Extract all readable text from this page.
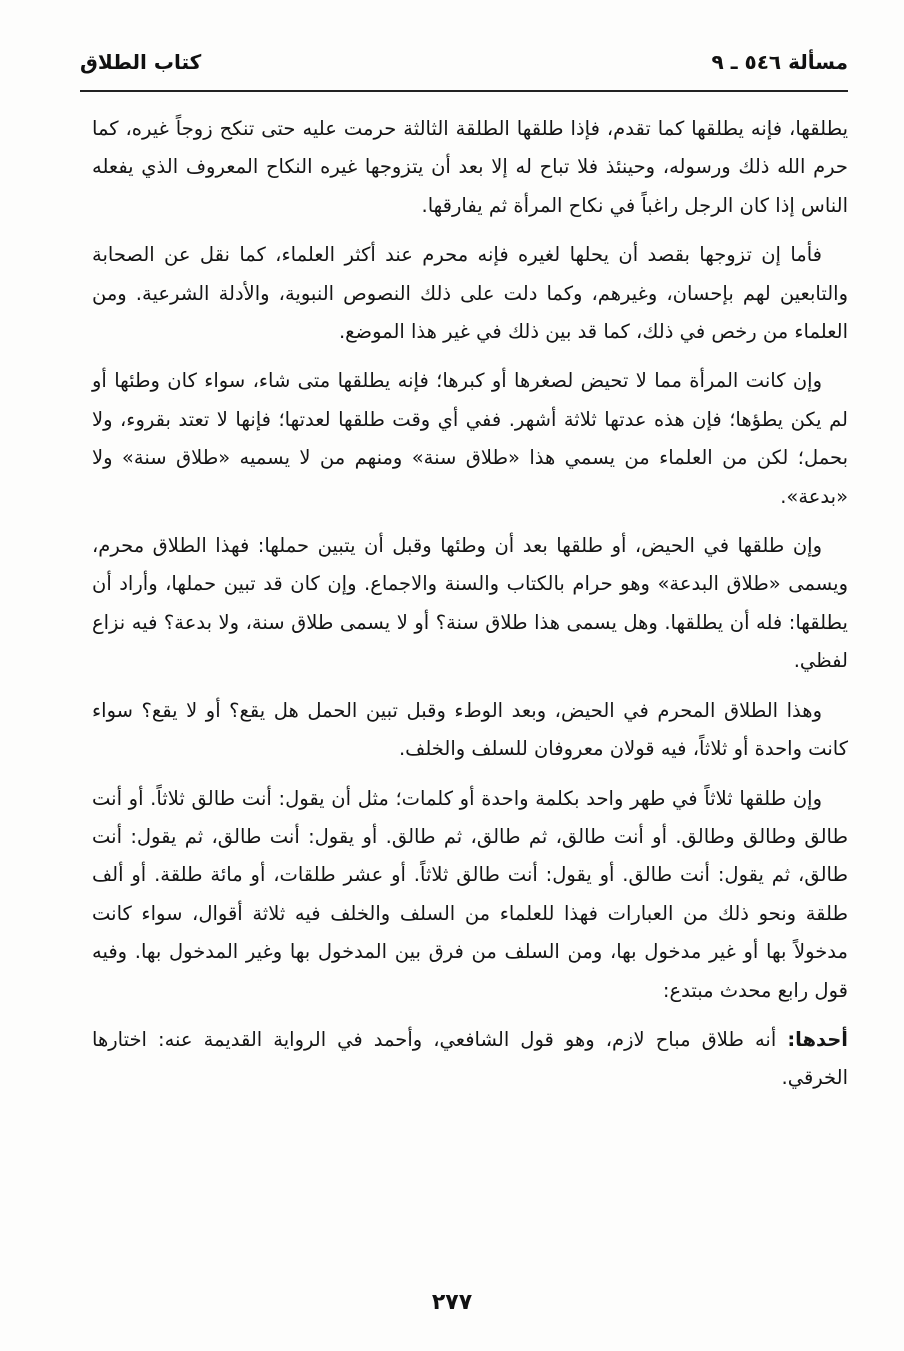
مسألة ٥٤٦ ـ ٩
كتاب الطلاق

يطلقها، فإنه يطلقها كما تقدم، فإذا طلقها الطلقة الثالثة حرمت عليه حتى تنكح زوجاً غيره، كما حرم الله ذلك ورسوله، وحينئذ فلا تباح له إلا بعد أن يتزوجها غيره النكاح المعروف الذي يفعله الناس إذا كان الرجل راغباً في نكاح المرأة ثم يفارقها.

فأما إن تزوجها بقصد أن يحلها لغيره فإنه محرم عند أكثر العلماء، كما نقل عن الصحابة والتابعين لهم بإحسان، وغيرهم، وكما دلت على ذلك النصوص النبوية، والأدلة الشرعية. ومن العلماء من رخص في ذلك، كما قد بين ذلك في غير هذا الموضع.

وإن كانت المرأة مما لا تحيض لصغرها أو كبرها؛ فإنه يطلقها متى شاء، سواء كان وطئها أو لم يكن يطؤها؛ فإن هذه عدتها ثلاثة أشهر. ففي أي وقت طلقها لعدتها؛ فإنها لا تعتد بقروء، ولا بحمل؛ لكن من العلماء من يسمي هذا «طلاق سنة» ومنهم من لا يسميه «طلاق سنة» ولا «بدعة».

وإن طلقها في الحيض، أو طلقها بعد أن وطئها وقبل أن يتبين حملها: فهذا الطلاق محرم، ويسمى «طلاق البدعة» وهو حرام بالكتاب والسنة والاجماع. وإن كان قد تبين حملها، وأراد أن يطلقها: فله أن يطلقها. وهل يسمى هذا طلاق سنة؟ أو لا يسمى طلاق سنة، ولا بدعة؟ فيه نزاع لفظي.

وهذا الطلاق المحرم في الحيض، وبعد الوطء وقبل تبين الحمل هل يقع؟ أو لا يقع؟ سواء كانت واحدة أو ثلاثاً، فيه قولان معروفان للسلف والخلف.

وإن طلقها ثلاثاً في طهر واحد بكلمة واحدة أو كلمات؛ مثل أن يقول: أنت طالق ثلاثاً. أو أنت طالق وطالق وطالق. أو أنت طالق، ثم طالق، ثم طالق. أو يقول: أنت طالق، ثم يقول: أنت طالق، ثم يقول: أنت طالق. أو يقول: أنت طالق ثلاثاً. أو عشر طلقات، أو مائة طلقة. أو ألف طلقة ونحو ذلك من العبارات فهذا للعلماء من السلف والخلف فيه ثلاثة أقوال، سواء كانت مدخولاً بها أو غير مدخول بها، ومن السلف من فرق بين المدخول بها وغير المدخول بها. وفيه قول رابع محدث مبتدع:

أحدها: أنه طلاق مباح لازم، وهو قول الشافعي، وأحمد في الرواية القديمة عنه: اختارها الخرقي.

٢٧٧
